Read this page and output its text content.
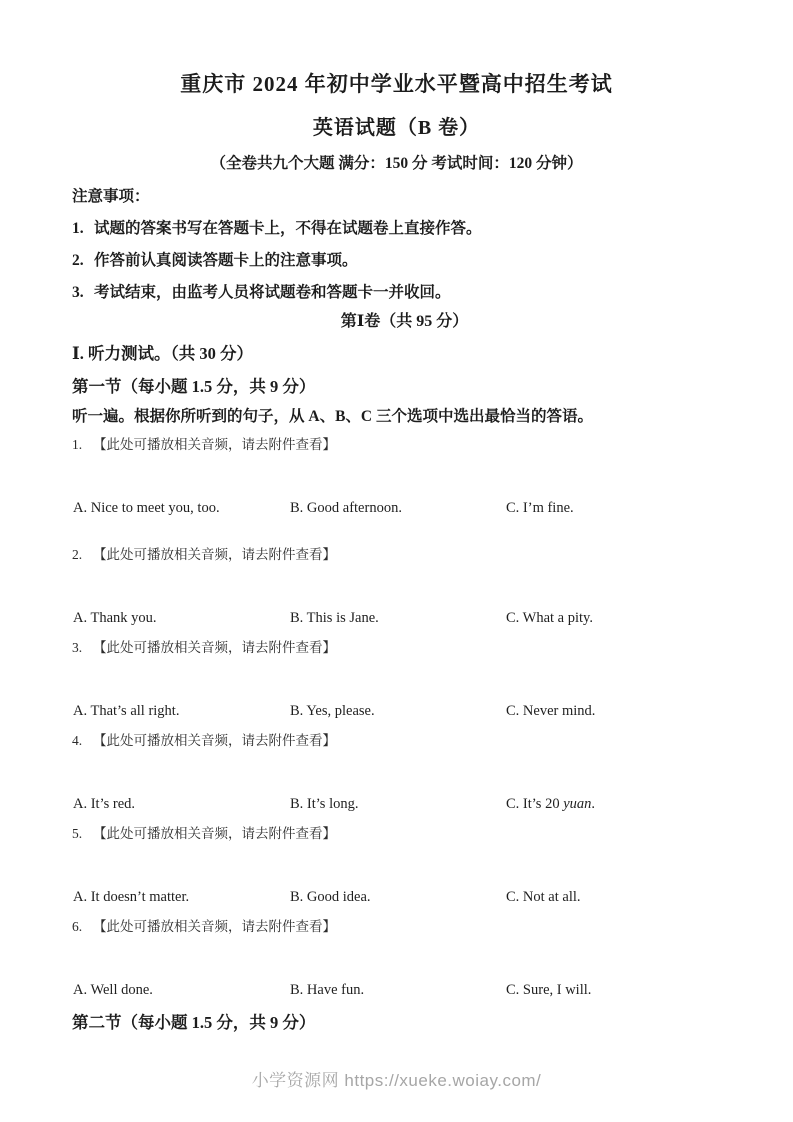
重庆市 2024 年初中学业水平暨高中招生考试
英语试题（B 卷）
（全卷共九个大题 满分：150 分 考试时间：120 分钟）
注意事项：
1. 试题的答案书写在答题卡上，不得在试题卷上直接作答。
2. 作答前认真阅读答题卡上的注意事项。
3. 考试结束，由监考人员将试题卷和答题卡一并收回。
第Ⅰ卷（共 95 分）
Ⅰ. 听力测试。（共 30 分）
第一节（每小题 1.5 分，共 9 分）
听一遍。根据你所听到的句子，从 A、B、C 三个选项中选出最恰当的答语。
1. 【此处可播放相关音频，请去附件查看】
A. Nice to meet you, too.	B. Good afternoon.	C. I’m fine.
2. 【此处可播放相关音频，请去附件查看】
A. Thank you.	B. This is Jane.	C. What a pity.
3. 【此处可播放相关音频，请去附件查看】
A. That’s all right.	B. Yes, please.	C. Never mind.
4. 【此处可播放相关音频，请去附件查看】
A. It’s red.	B. It’s long.	C. It’s 20 yuan.
5. 【此处可播放相关音频，请去附件查看】
A. It doesn’t matter.	B. Good idea.	C. Not at all.
6. 【此处可播放相关音频，请去附件查看】
A. Well done.	B. Have fun.	C. Sure, I will.
第二节（每小题 1.5 分，共 9 分）
小学资源网 https://xueke.woiay.com/
